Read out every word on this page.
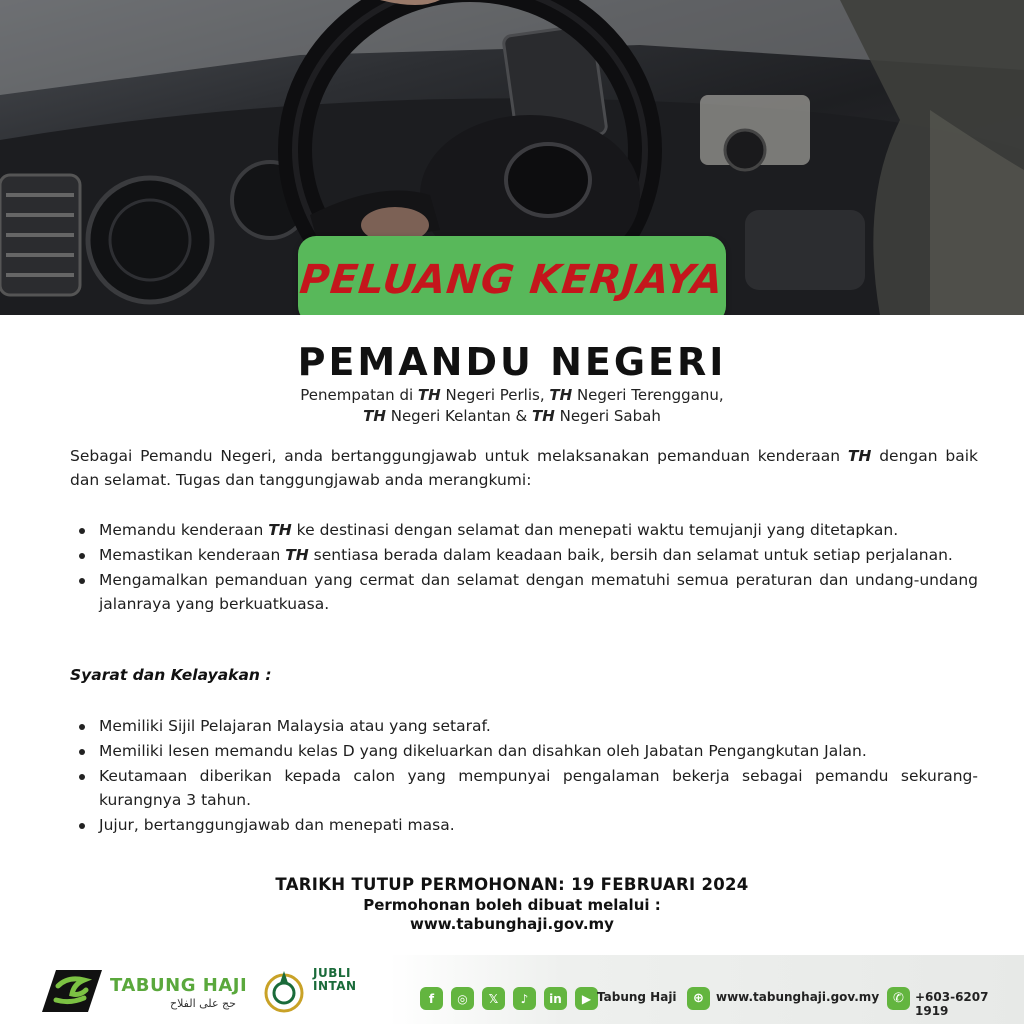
PELUANG KERJAYA
PEMANDU NEGERI
Penempatan di TH Negeri Perlis, TH Negeri Terengganu,
TH Negeri Kelantan & TH Negeri Sabah

Sebagai Pemandu Negeri, anda bertanggungjawab untuk melaksanakan pemanduan kenderaan TH dengan baik dan selamat. Tugas dan tanggungjawab anda merangkumi:

Memandu kenderaan TH ke destinasi dengan selamat dan menepati waktu temujanji yang ditetapkan.
Memastikan kenderaan TH sentiasa berada dalam keadaan baik, bersih dan selamat untuk setiap perjalanan.
Mengamalkan pemanduan yang cermat dan selamat dengan mematuhi semua peraturan dan undang-undang jalanraya yang berkuatkuasa.
Syarat dan Kelayakan :
Memiliki Sijil Pelajaran Malaysia atau yang setaraf.
Memiliki lesen memandu kelas D yang dikeluarkan dan disahkan oleh Jabatan Pengangkutan Jalan.
Keutamaan diberikan kepada calon yang mempunyai pengalaman bekerja sebagai pemandu sekurang-kurangnya 3 tahun.
Jujur, bertanggungjawab dan menepati masa.
TARIKH TUTUP PERMOHONAN: 19 FEBRUARI 2024
Permohonan boleh dibuat melalui :
www.tabunghaji.gov.my
TABUNG HAJI
حج على الفلاح
JUBLI INTAN
f	◎	𝕏	♪	in	▶ Tabung Haji	⊕	www.tabunghaji.gov.my	✆ +603-6207 1919
